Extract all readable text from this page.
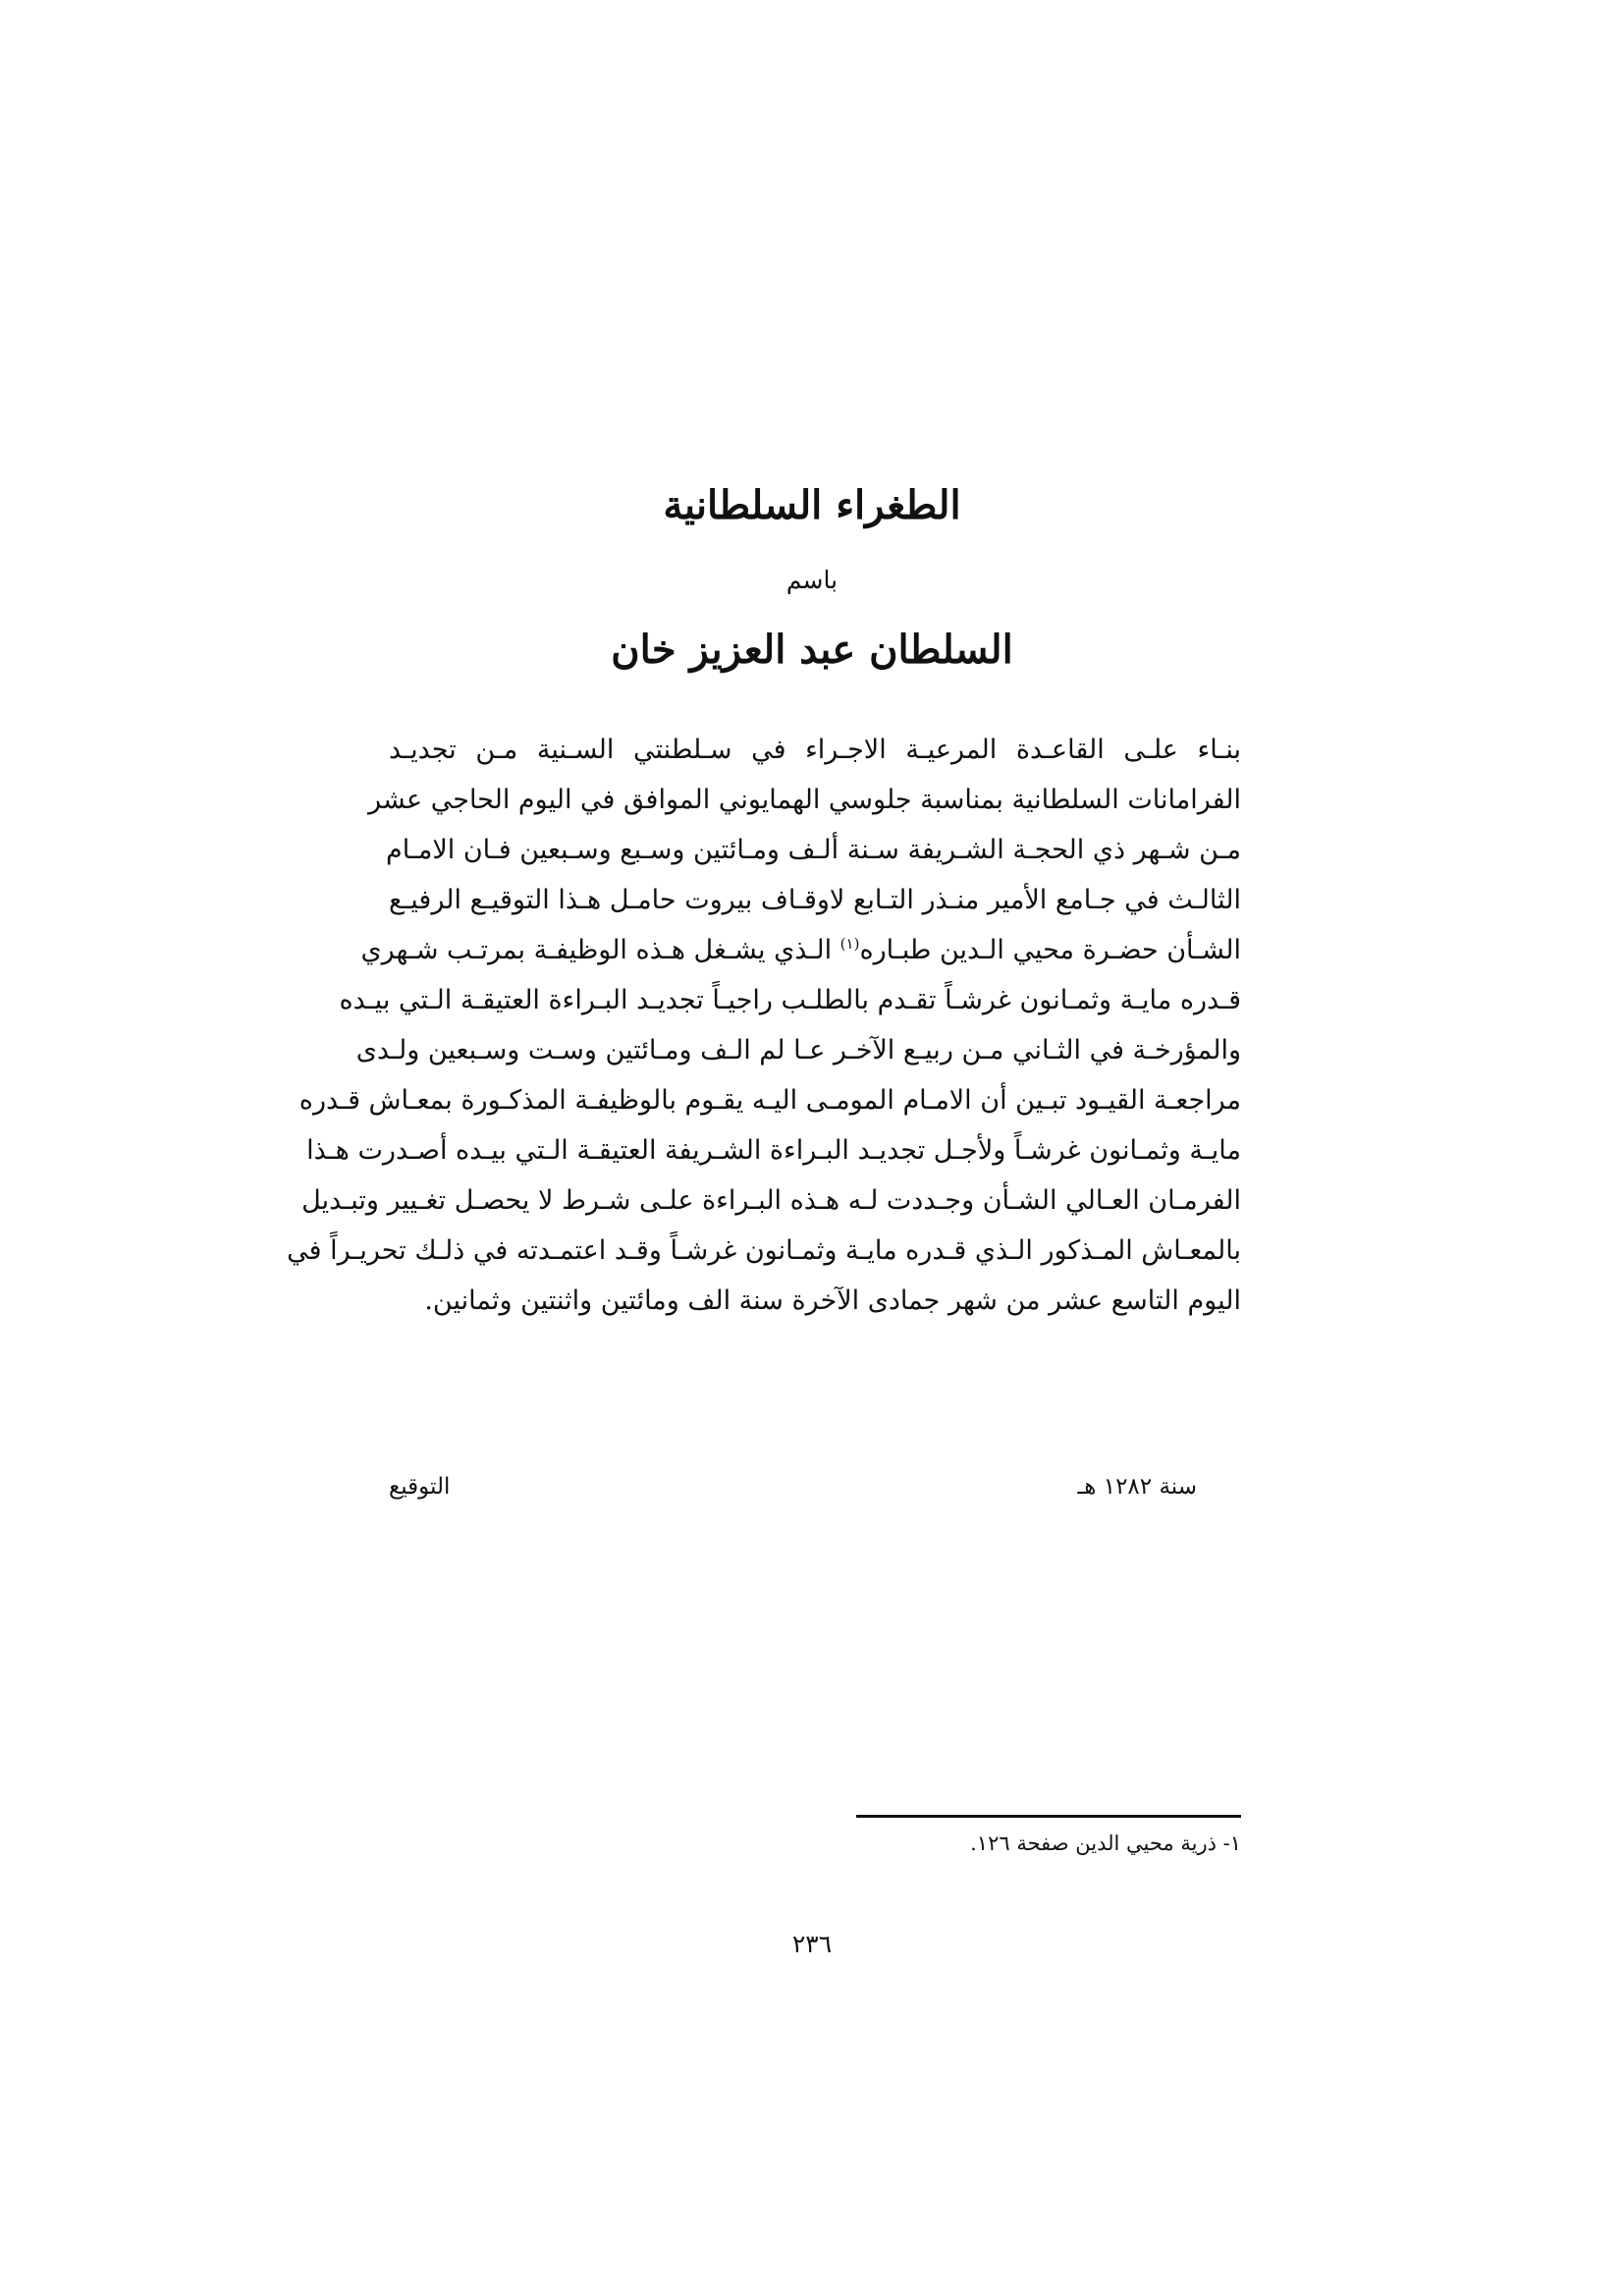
الطغراء السلطانية
باسم
السلطان عبد العزيز خان
بنـاء علـى القاعـدة المرعيـة الاجـراء في سـلطنتي السـنية مـن تجديـد
الفرامانات السلطانية بمناسبة جلوسي الهمايوني الموافق في اليوم الحاجي عشر
مـن شـهر ذي الحجـة الشـريفة سـنة ألـف ومـائتين وسـبع وسـبعين فـان الامـام
الثالـث في جـامع الأمير منـذر التـابع لاوقـاف بيروت حامـل هـذا التوقيـع الرفيـع
الشـأن حضـرة محيي الـدين طبـاره$^{(١)}$ الـذي يشـغل هـذه الوظيفـة بمرتـب شـهري
قـدره مايـة وثمـانون غرشـاً تقـدم بالطلـب راجيـاً تجديـد البـراءة العتيقـة الـتي بيـده
والمؤرخـة في الثـاني مـن ربيـع الآخـر عـا لم الـف ومـائتين وسـت وسـبعين ولـدى
مراجعـة القيـود تبـين أن الامـام المومـى اليـه يقـوم بالوظيفـة المذكـورة بمعـاش قـدره
مايـة وثمـانون غرشـاً ولأجـل تجديـد البـراءة الشـريفة العتيقـة الـتي بيـده أصـدرت هـذا
الفرمـان العـالي الشـأن وجـددت لـه هـذه البـراءة علـى شـرط لا يحصـل تغـيير وتبـديل
بالمعـاش المـذكور الـذي قـدره مايـة وثمـانون غرشـاً وقـد اعتمـدته في ذلـك تحريـراً في
اليوم التاسع عشر من شهر جمادى الآخرة سنة الف ومائتين واثنتين وثمانين.
سنة ١٢٨٢ هـ
التوقيع
١- ذرية محيي الدين صفحة ١٢٦.
٢٣٦
